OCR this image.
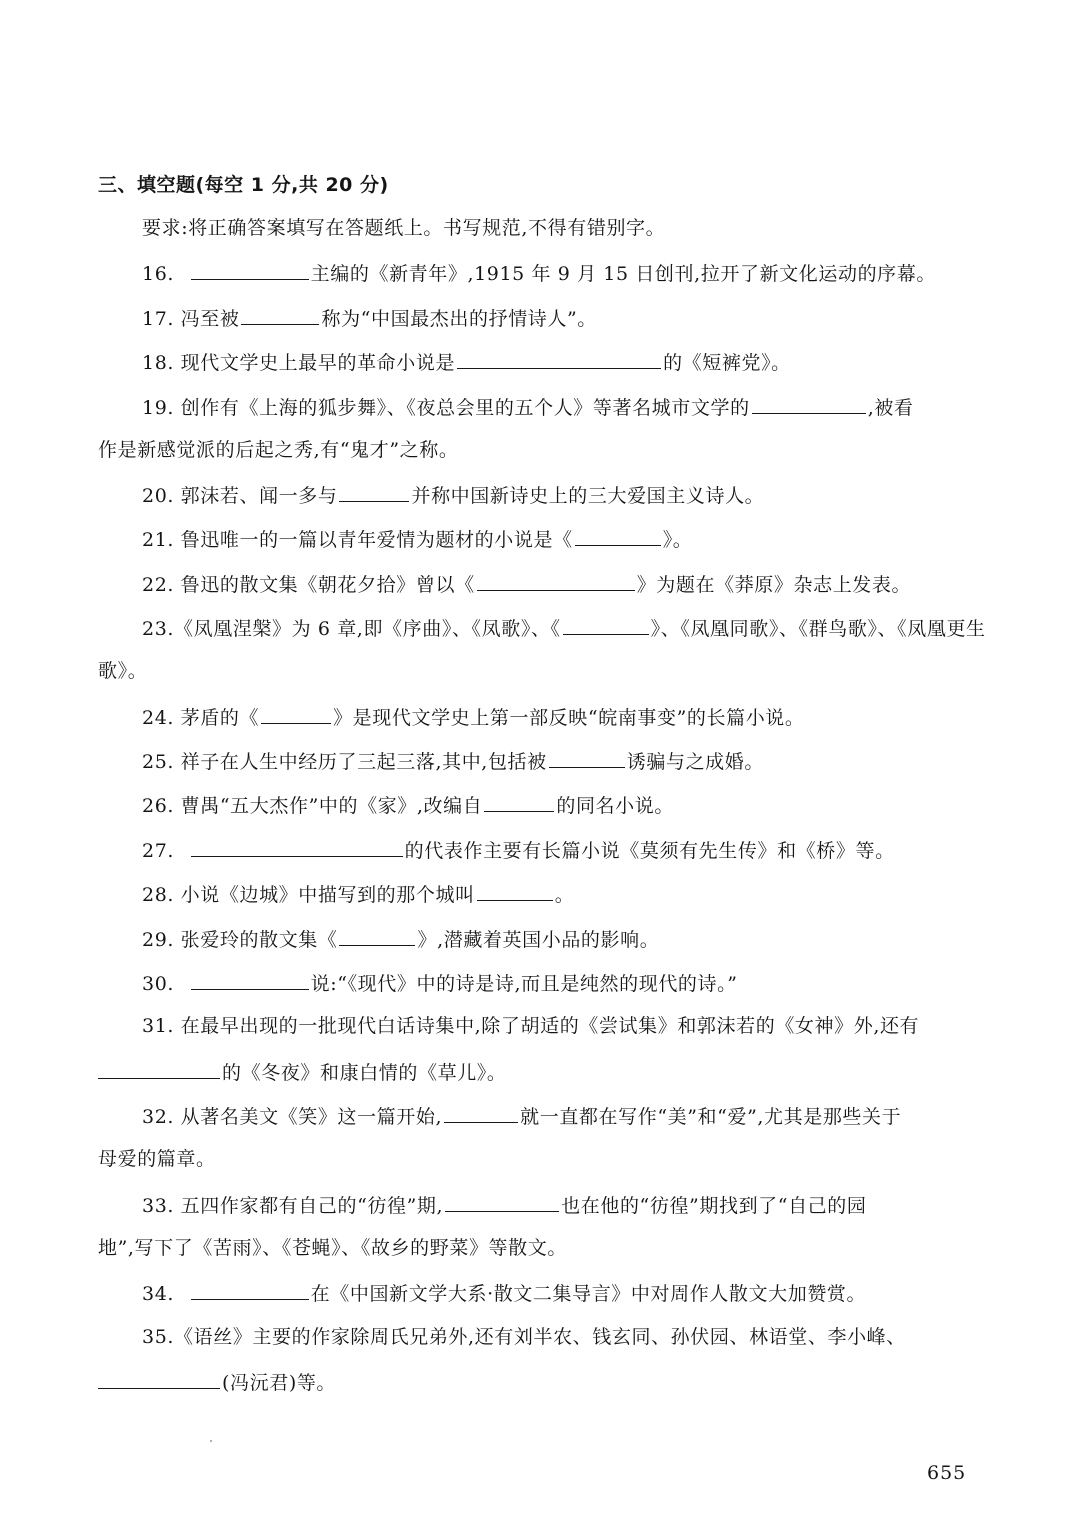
三、填空题(每空 1 分,共 20 分)
要求:将正确答案填写在答题纸上。书写规范,不得有错别字。
16.	主编的《新青年》,1915 年 9 月 15 日创刊,拉开了新文化运动的序幕。
17. 冯至被	称为“中国最杰出的抒情诗人”。
18. 现代文学史上最早的革命小说是	的《短裤党》。
19. 创作有《上海的狐步舞》、《夜总会里的五个人》等著名城市文学的	,被看
作是新感觉派的后起之秀,有“鬼才”之称。
20. 郭沫若、闻一多与	并称中国新诗史上的三大爱国主义诗人。
21. 鲁迅唯一的一篇以青年爱情为题材的小说是《	》。
22. 鲁迅的散文集《朝花夕拾》曾以《	》为题在《莽原》杂志上发表。
23.《凤凰涅槃》为 6 章,即《序曲》、《凤歌》、《	》、《凤凰同歌》、《群鸟歌》、《凤凰更生
歌》。
24. 茅盾的《	》是现代文学史上第一部反映“皖南事变”的长篇小说。
25. 祥子在人生中经历了三起三落,其中,包括被	诱骗与之成婚。
26. 曹禺“五大杰作”中的《家》,改编自	的同名小说。
27.	的代表作主要有长篇小说《莫须有先生传》和《桥》等。
28. 小说《边城》中描写到的那个城叫	。
29. 张爱玲的散文集《	》,潜藏着英国小品的影响。
30.	说:“《现代》中的诗是诗,而且是纯然的现代的诗。”
31. 在最早出现的一批现代白话诗集中,除了胡适的《尝试集》和郭沫若的《女神》外,还有
的《冬夜》和康白情的《草儿》。
32. 从著名美文《笑》这一篇开始,	就一直都在写作“美”和“爱”,尤其是那些关于
母爱的篇章。
33. 五四作家都有自己的“彷徨”期,	也在他的“彷徨”期找到了“自己的园
地”,写下了《苦雨》、《苍蝇》、《故乡的野菜》等散文。
34.	在《中国新文学大系·散文二集导言》中对周作人散文大加赞赏。
35.《语丝》主要的作家除周氏兄弟外,还有刘半农、钱玄同、孙伏园、林语堂、李小峰、
(冯沅君)等。
655
